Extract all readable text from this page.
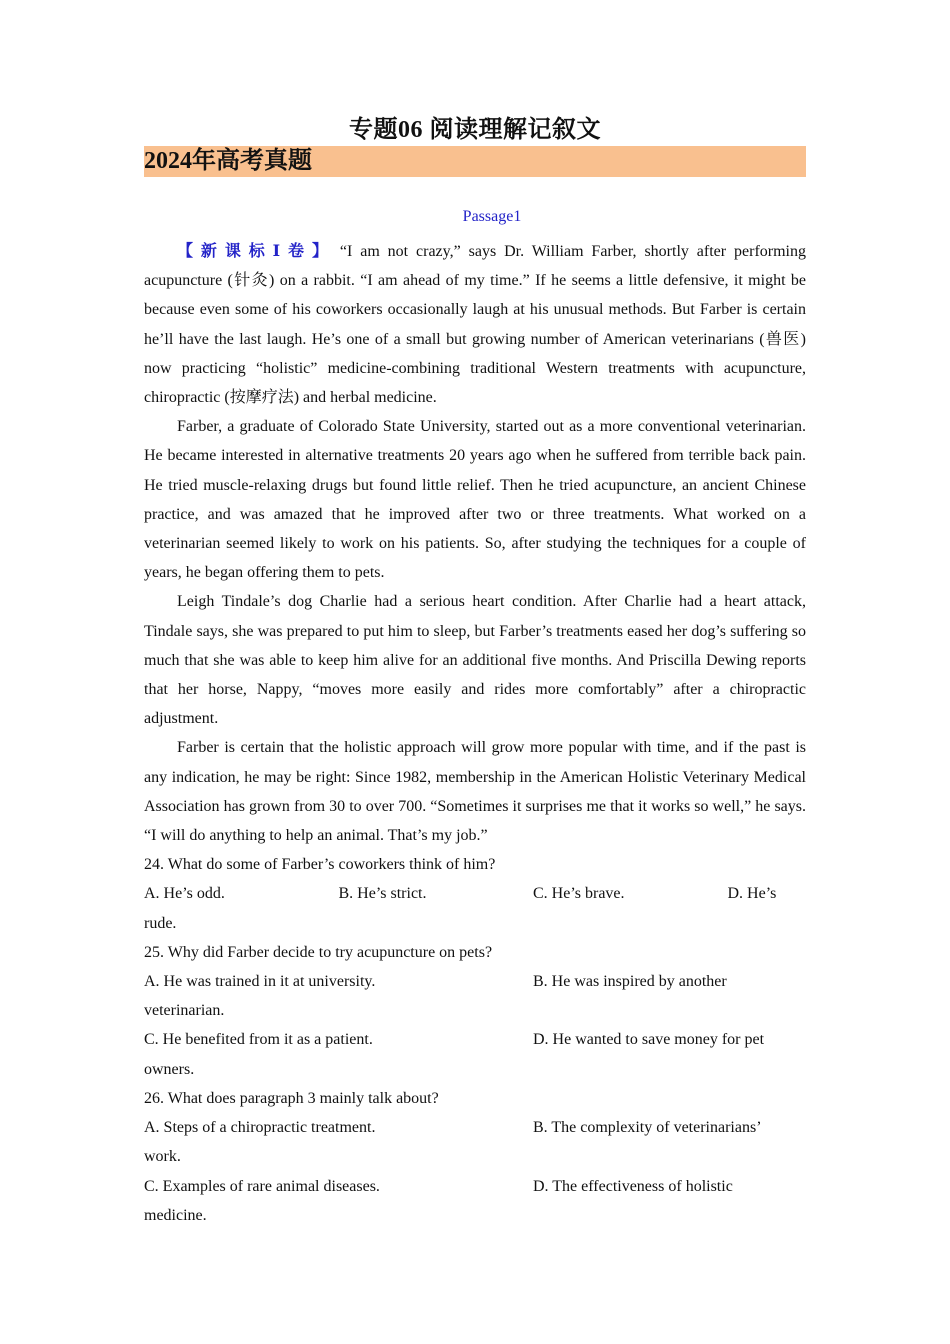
专题06 阅读理解记叙文
2024年高考真题
Passage1

【新课标Ⅰ卷】 “I am not crazy,” says Dr. William Farber, shortly after performing acupuncture (针灸) on a rabbit. “I am ahead of my time.” If he seems a little defensive, it might be because even some of his coworkers occasionally laugh at his unusual methods. But Farber is certain he’ll have the last laugh. He’s one of a small but growing number of American veterinarians (兽医) now practicing “holistic” medicine-combining traditional Western treatments with acupuncture, chiropractic (按摩疗法) and herbal medicine.

Farber, a graduate of Colorado State University, started out as a more conventional veterinarian. He became interested in alternative treatments 20 years ago when he suffered from terrible back pain. He tried muscle-relaxing drugs but found little relief. Then he tried acupuncture, an ancient Chinese practice, and was amazed that he improved after two or three treatments. What worked on a veterinarian seemed likely to work on his patients. So, after studying the techniques for a couple of years, he began offering them to pets.

Leigh Tindale’s dog Charlie had a serious heart condition. After Charlie had a heart attack, Tindale says, she was prepared to put him to sleep, but Farber’s treatments eased her dog’s suffering so much that she was able to keep him alive for an additional five months. And Priscilla Dewing reports that her horse, Nappy, “moves more easily and rides more comfortably” after a chiropractic adjustment.

Farber is certain that the holistic approach will grow more popular with time, and if the past is any indication, he may be right: Since 1982, membership in the American Holistic Veterinary Medical Association has grown from 30 to over 700. “Sometimes it surprises me that it works so well,” he says. “I will do anything to help an animal. That’s my job.”

24. What do some of Farber’s coworkers think of him?

A. He’s odd.	B. He’s strict.	C. He’s brave.	D. He’s
rude.

25. Why did Farber decide to try acupuncture on pets?

A. He was trained in it at university.	B. He was inspired by another
veterinarian.
C. He benefited from it as a patient.	D. He wanted to save money for pet
owners.

26. What does paragraph 3 mainly talk about?

A. Steps of a chiropractic treatment.	B. The complexity of veterinarians’
work.
C. Examples of rare animal diseases.	D. The effectiveness of holistic
medicine.
